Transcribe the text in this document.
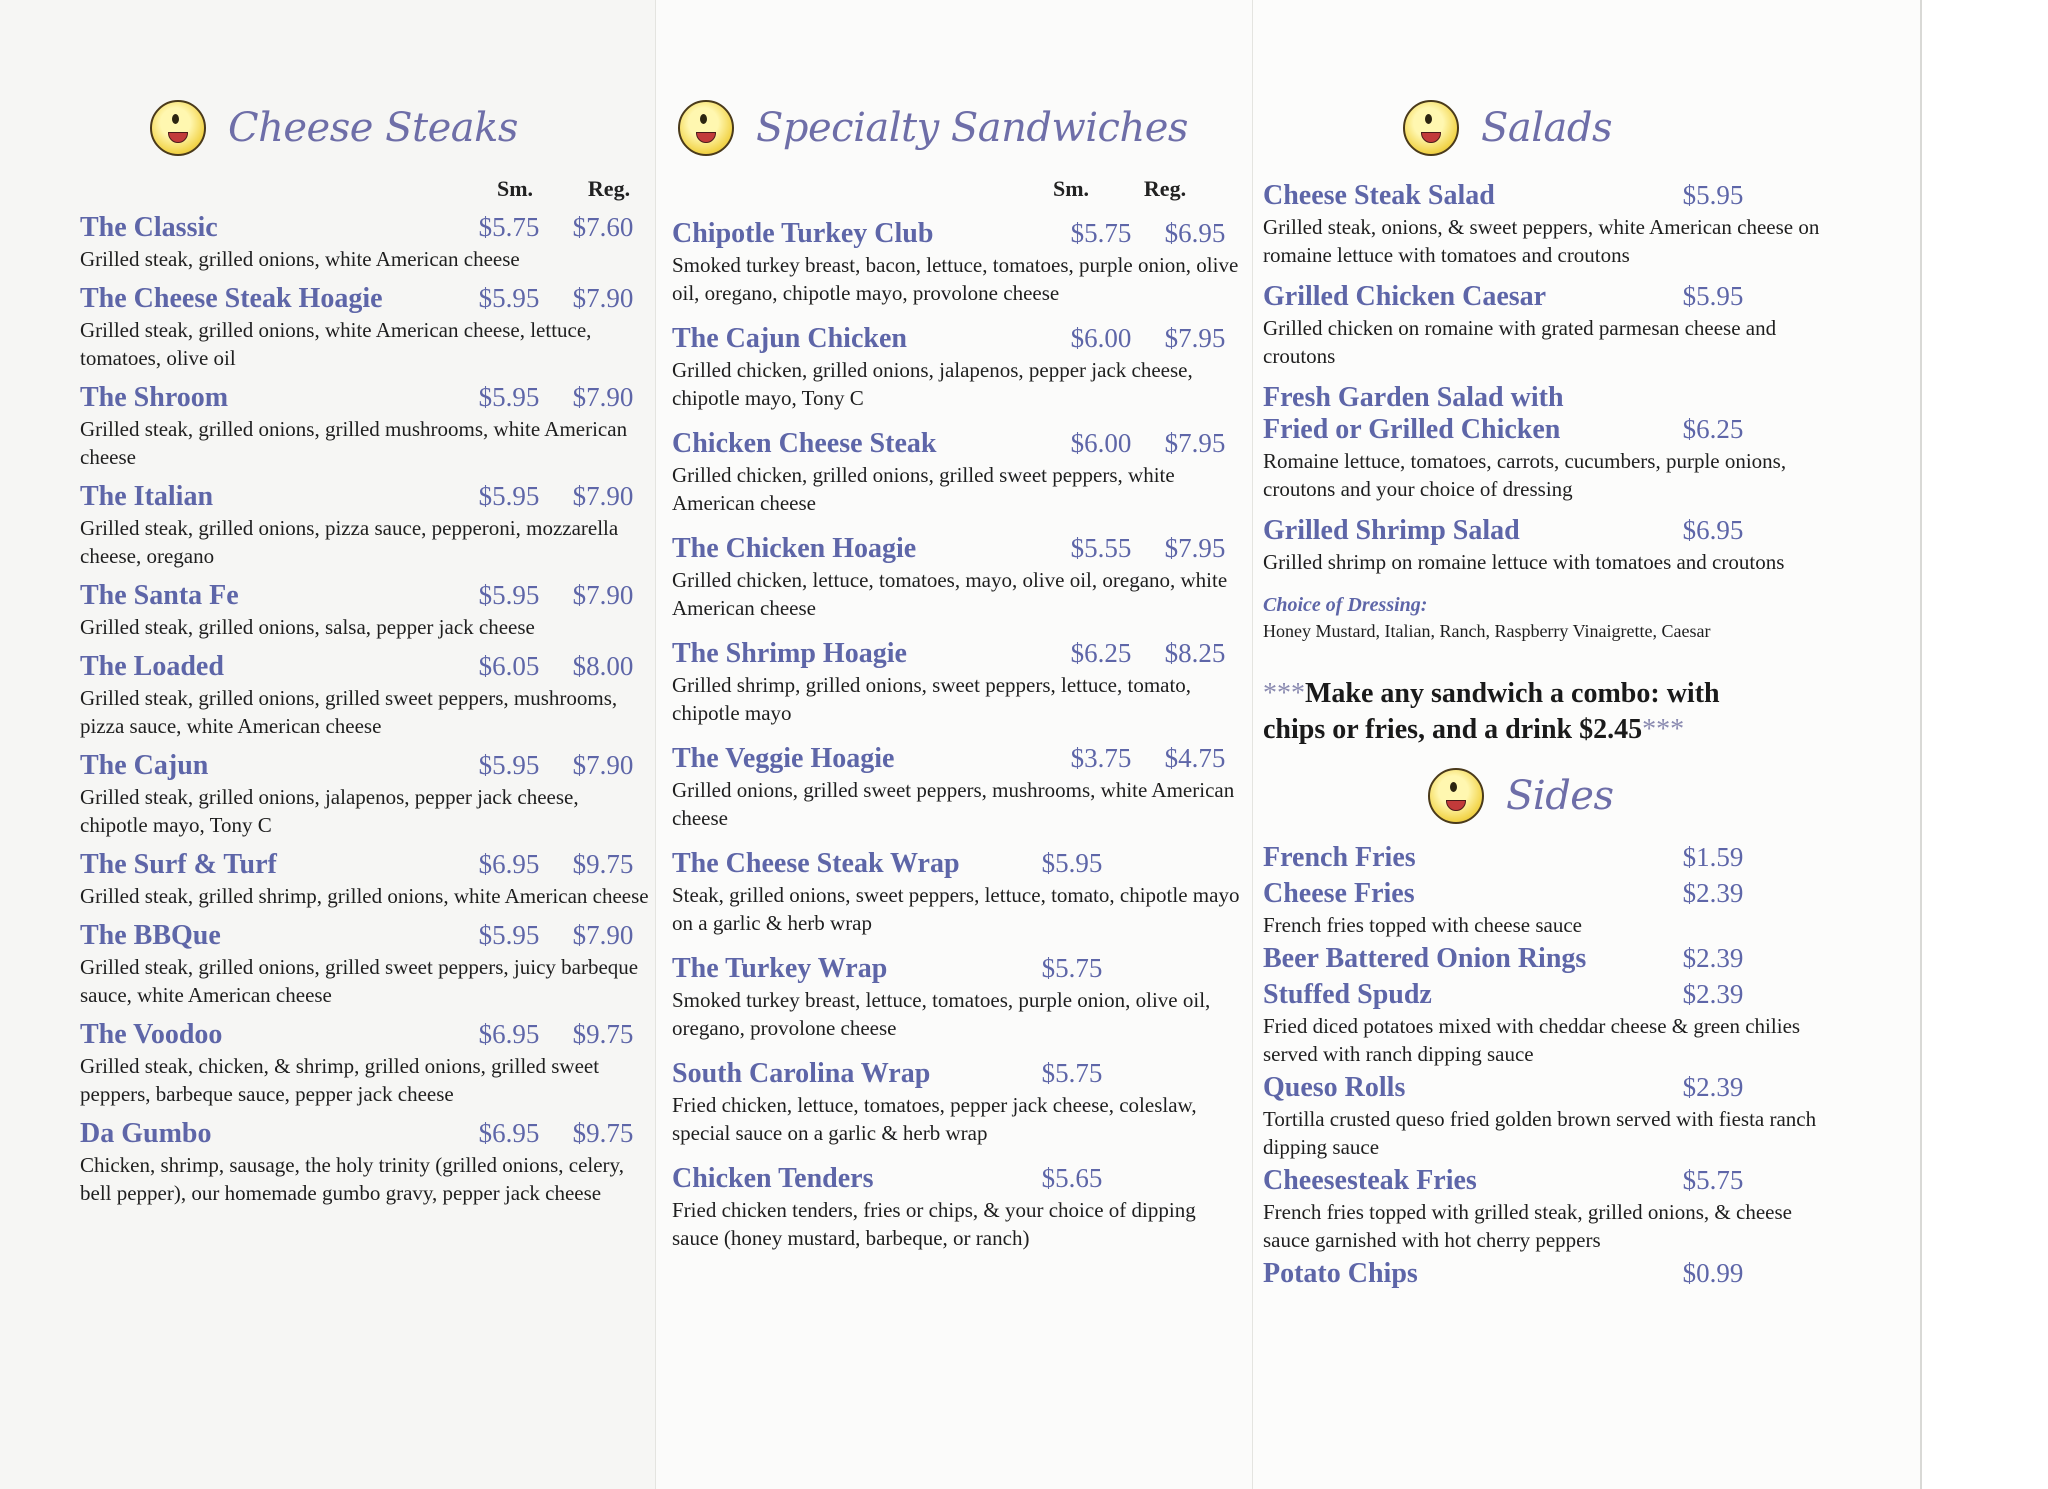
Cheese Steaks
Sm.	Reg.
The Classic	$5.75	$7.60
Grilled steak, grilled onions, white American cheese
The Cheese Steak Hoagie	$5.95	$7.90
Grilled steak, grilled onions, white American cheese, lettuce, tomatoes, olive oil
The Shroom	$5.95	$7.90
Grilled steak, grilled onions, grilled mushrooms, white American cheese
The Italian	$5.95	$7.90
Grilled steak, grilled onions, pizza sauce, pepperoni, mozzarella cheese, oregano
The Santa Fe	$5.95	$7.90
Grilled steak, grilled onions, salsa, pepper jack cheese
The Loaded	$6.05	$8.00
Grilled steak, grilled onions, grilled sweet peppers, mushrooms, pizza sauce, white American cheese
The Cajun	$5.95	$7.90
Grilled steak, grilled onions, jalapenos, pepper jack cheese, chipotle mayo, Tony C
The Surf & Turf	$6.95	$9.75
Grilled steak, grilled shrimp, grilled onions, white American cheese
The BBQue	$5.95	$7.90
Grilled steak, grilled onions, grilled sweet peppers, juicy barbeque sauce, white American cheese
The Voodoo	$6.95	$9.75
Grilled steak, chicken, & shrimp, grilled onions, grilled sweet peppers, barbeque sauce, pepper jack cheese
Da Gumbo	$6.95	$9.75
Chicken, shrimp, sausage, the holy trinity (grilled onions, celery, bell pepper), our homemade gumbo gravy, pepper jack cheese
Specialty Sandwiches
Sm.	Reg.
Chipotle Turkey Club	$5.75	$6.95
Smoked turkey breast, bacon, lettuce, tomatoes, purple onion, olive oil, oregano, chipotle mayo, provolone cheese
The Cajun Chicken	$6.00	$7.95
Grilled chicken, grilled onions, jalapenos, pepper jack cheese, chipotle mayo, Tony C
Chicken Cheese Steak	$6.00	$7.95
Grilled chicken, grilled onions, grilled sweet peppers, white American cheese
The Chicken Hoagie	$5.55	$7.95
Grilled chicken, lettuce, tomatoes, mayo, olive oil, oregano, white American cheese
The Shrimp Hoagie	$6.25	$8.25
Grilled shrimp, grilled onions, sweet peppers, lettuce, tomato, chipotle mayo
The Veggie Hoagie	$3.75	$4.75
Grilled onions, grilled sweet peppers, mushrooms, white American cheese
The Cheese Steak Wrap	$5.95
Steak, grilled onions, sweet peppers, lettuce, tomato, chipotle mayo on a garlic & herb wrap
The Turkey Wrap	$5.75
Smoked turkey breast, lettuce, tomatoes, purple onion, olive oil, oregano, provolone cheese
South Carolina Wrap	$5.75
Fried chicken, lettuce, tomatoes, pepper jack cheese, coleslaw, special sauce on a garlic & herb wrap
Chicken Tenders	$5.65
Fried chicken tenders, fries or chips, & your choice of dipping sauce (honey mustard, barbeque, or ranch)
Salads
Cheese Steak Salad	$5.95
Grilled steak, onions, & sweet peppers, white American cheese on romaine lettuce with tomatoes and croutons
Grilled Chicken Caesar	$5.95
Grilled chicken on romaine with grated parmesan cheese and croutons
Fresh Garden Salad with
Fried or Grilled Chicken	$6.25
Romaine lettuce, tomatoes, carrots, cucumbers, purple onions, croutons and your choice of dressing
Grilled Shrimp Salad	$6.95
Grilled shrimp on romaine lettuce with tomatoes and croutons
Choice of Dressing:
Honey Mustard, Italian, Ranch, Raspberry Vinaigrette, Caesar
***Make any sandwich a combo: with
chips or fries, and a drink $2.45***
Sides
French Fries	$1.59
Cheese Fries	$2.39
French fries topped with cheese sauce
Beer Battered Onion Rings	$2.39
Stuffed Spudz	$2.39
Fried diced potatoes mixed with cheddar cheese & green chilies served with ranch dipping sauce
Queso Rolls	$2.39
Tortilla crusted queso fried golden brown served with fiesta ranch dipping sauce
Cheesesteak Fries	$5.75
French fries topped with grilled steak, grilled onions, & cheese sauce garnished with hot cherry peppers
Potato Chips	$0.99
